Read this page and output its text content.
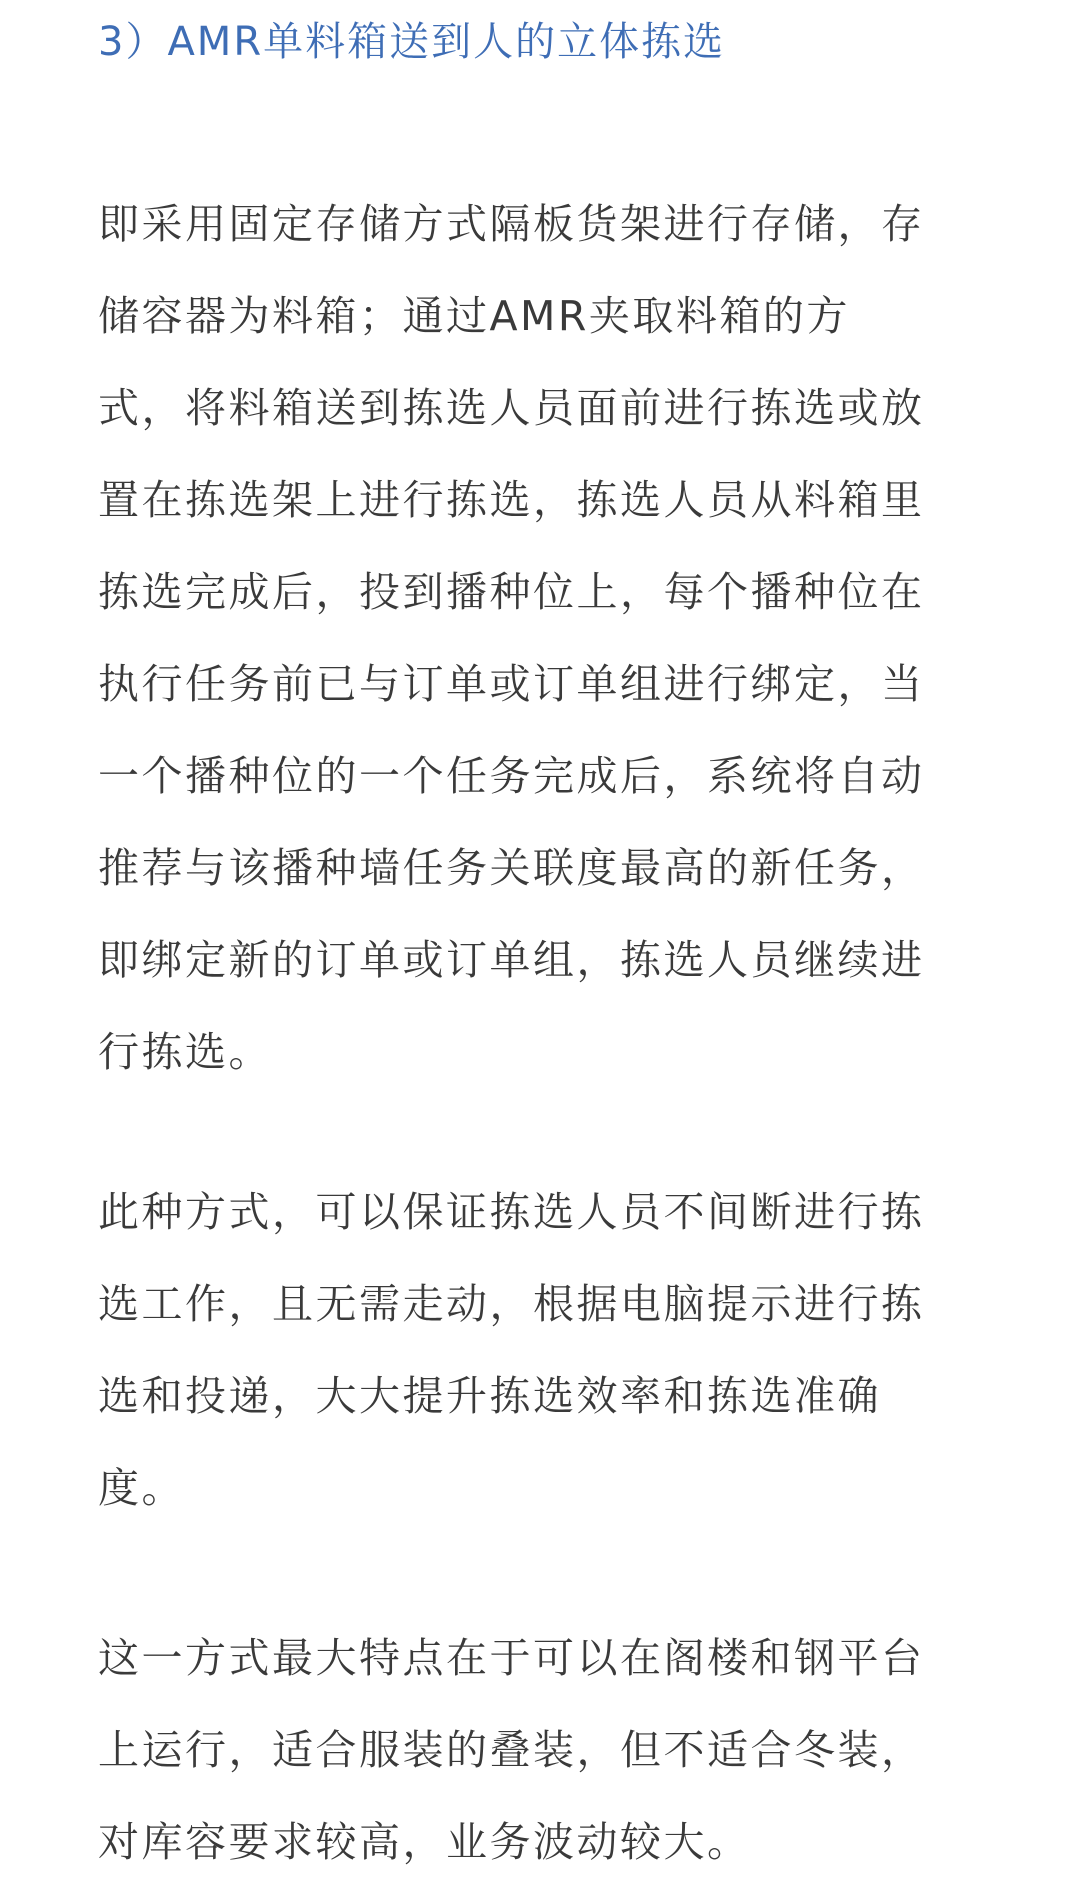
3）AMR单料箱送到人的立体拣选

即采用固定存储方式隔板货架进行存储，存
储容器为料箱；通过AMR夹取料箱的方
式，将料箱送到拣选人员面前进行拣选或放
置在拣选架上进行拣选，拣选人员从料箱里
拣选完成后，投到播种位上，每个播种位在
执行任务前已与订单或订单组进行绑定，当
一个播种位的一个任务完成后，系统将自动
推荐与该播种墙任务关联度最高的新任务，
即绑定新的订单或订单组，拣选人员继续进
行拣选。

此种方式，可以保证拣选人员不间断进行拣
选工作，且无需走动，根据电脑提示进行拣
选和投递，大大提升拣选效率和拣选准确
度。

这一方式最大特点在于可以在阁楼和钢平台
上运行，适合服装的叠装，但不适合冬装，
对库容要求较高，业务波动较大。
